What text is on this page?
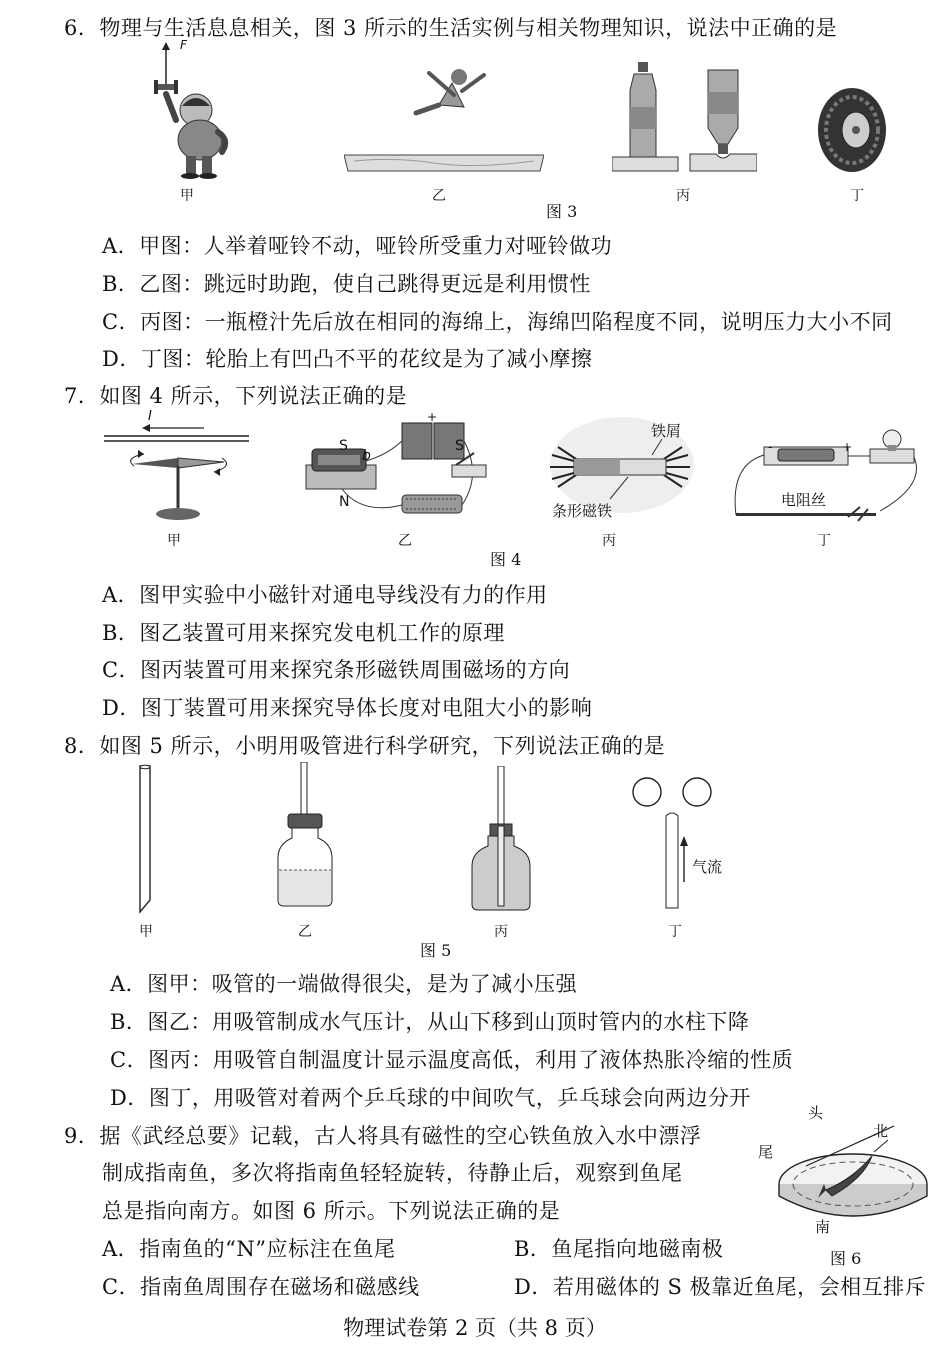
6．物理与生活息息相关，图 3 所示的生活实例与相关物理知识，说法中正确的是
F
甲	乙	丙	丁
图 3
A．甲图：人举着哑铃不动，哑铃所受重力对哑铃做功
B．乙图：跳远时助跑，使自己跳得更远是利用惯性
C．丙图：一瓶橙汁先后放在相同的海绵上，海绵凹陷程度不同，说明压力大小不同
D．丁图：轮胎上有凹凸不平的花纹是为了减小摩擦
7．如图 4 所示，下列说法正确的是
I
S
b
N
S
+
铁屑
条形磁铁
-	+
电阻丝
甲	乙	丙	丁
图 4
A．图甲实验中小磁针对通电导线没有力的作用
B．图乙装置可用来探究发电机工作的原理
C．图丙装置可用来探究条形磁铁周围磁场的方向
D．图丁装置可用来探究导体长度对电阻大小的影响
8．如图 5 所示，小明用吸管进行科学研究，下列说法正确的是
气流
甲	乙	丙	丁
图 5
A．图甲：吸管的一端做得很尖，是为了减小压强
B．图乙：用吸管制成水气压计，从山下移到山顶时管内的水柱下降
C．图丙：用吸管自制温度计显示温度高低，利用了液体热胀冷缩的性质
D．图丁，用吸管对着两个乒乓球的中间吹气，乒乓球会向两边分开
9．据《武经总要》记载，古人将具有磁性的空心铁鱼放入水中漂浮
制成指南鱼，多次将指南鱼轻轻旋转，待静止后，观察到鱼尾
总是指向南方。如图 6 所示。下列说法正确的是
头
北
尾
南
图 6
A．指南鱼的“N”应标注在鱼尾	B．鱼尾指向地磁南极
C．指南鱼周围存在磁场和磁感线	D．若用磁体的 S 极靠近鱼尾，会相互排斥
物理试卷第 2 页（共 8 页）
